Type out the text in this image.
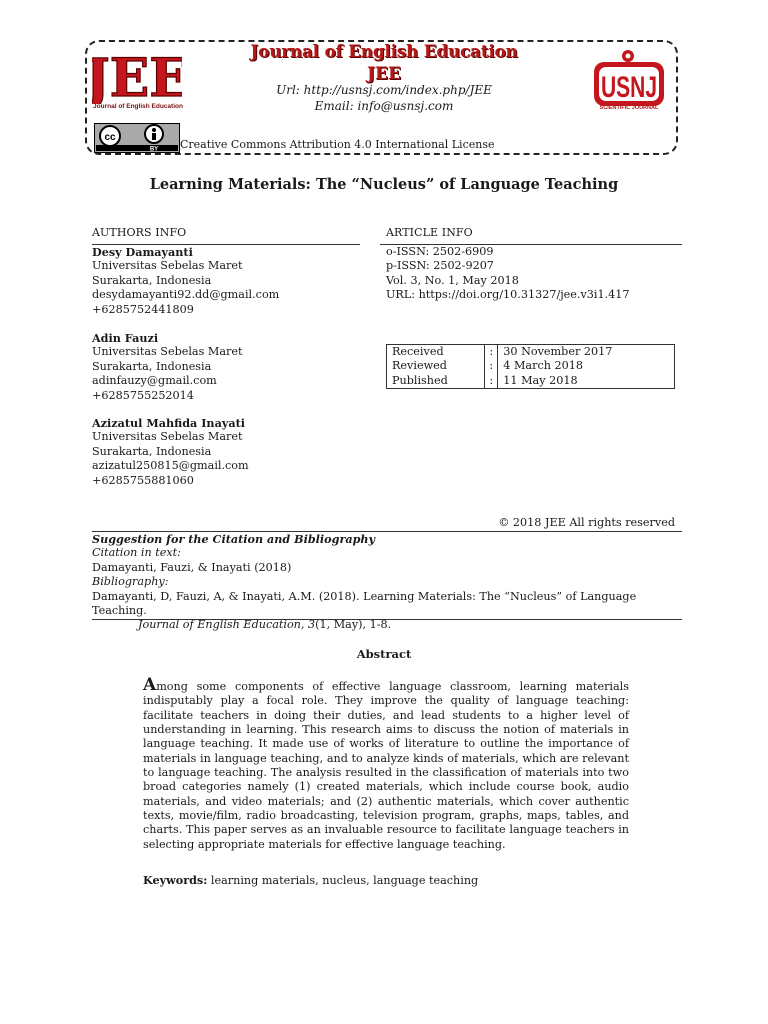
JEE
Journal of English Education
USNJ
SCIENTIFIC JOURNAL
Journal of English Education
JEE
Url: http://usnsj.com/index.php/JEE
Email: info@usnsj.com
cc
BY Creative Commons Attribution 4.0 International License
Learning Materials: The “Nucleus” of Language Teaching
AUTHORS INFO
Desy Damayanti
Universitas Sebelas Maret
Surakarta, Indonesia
desydamayanti92.dd@gmail.com
+6285752441809
Adin Fauzi
Universitas Sebelas Maret
Surakarta, Indonesia
adinfauzy@gmail.com
+6285755252014
Azizatul Mahfida Inayati
Universitas Sebelas Maret
Surakarta, Indonesia
azizatul250815@gmail.com
+6285755881060
ARTICLE INFO
o-ISSN: 2502-6909
p-ISSN: 2502-9207
Vol. 3, No. 1, May 2018
URL: https://doi.org/10.31327/jee.v3i1.417
Received	:	30 November 2017
Reviewed	:	4 March 2018
Published	:	11 May 2018
© 2018 JEE All rights reserved
Suggestion for the Citation and Bibliography
Citation in text:
Damayanti, Fauzi, & Inayati (2018)
Bibliography:
Damayanti, D, Fauzi, A, & Inayati, A.M. (2018). Learning Materials: The “Nucleus” of Language Teaching.
Journal of English Education, 3(1, May), 1-8.
Abstract
Among some components of effective language classroom, learning materials indisputably play a focal role. They improve the quality of language teaching: facilitate teachers in doing their duties, and lead students to a higher level of understanding in learning. This research aims to discuss the notion of materials in language teaching. It made use of works of literature to outline the importance of materials in language teaching, and to analyze kinds of materials, which are relevant to language teaching. The analysis resulted in the classification of materials into two broad categories namely (1) created materials, which include course book, audio materials, and video materials; and (2) authentic materials, which cover authentic texts, movie/film, radio broadcasting, television program, graphs, maps, tables, and charts. This paper serves as an invaluable resource to facilitate language teachers in selecting appropriate materials for effective language teaching.
Keywords: learning materials, nucleus, language teaching
